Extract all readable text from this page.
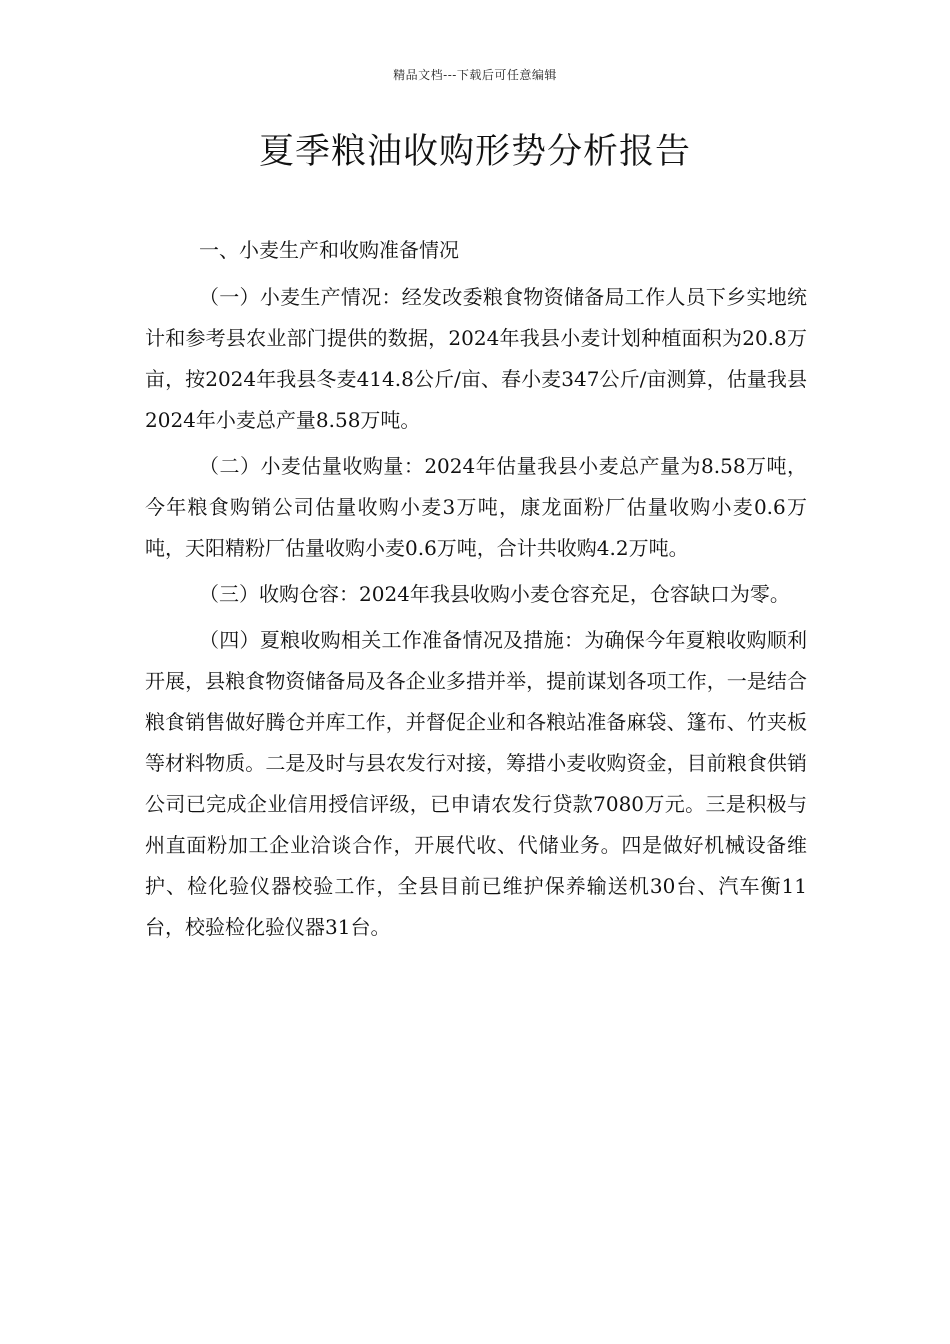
精品文档---下载后可任意编辑
夏季粮油收购形势分析报告

一、小麦生产和收购准备情况

（一）小麦生产情况：经发改委粮食物资储备局工作人员下乡实地统计和参考县农业部门提供的数据，2024年我县小麦计划种植面积为20.8万亩，按2024年我县冬麦414.8公斤/亩、春小麦347公斤/亩测算，估量我县2024年小麦总产量8.58万吨。

（二）小麦估量收购量：2024年估量我县小麦总产量为8.58万吨，今年粮食购销公司估量收购小麦3万吨，康龙面粉厂估量收购小麦0.6万吨，天阳精粉厂估量收购小麦0.6万吨，合计共收购4.2万吨。

（三）收购仓容：2024年我县收购小麦仓容充足，仓容缺口为零。

（四）夏粮收购相关工作准备情况及措施：为确保今年夏粮收购顺利开展，县粮食物资储备局及各企业多措并举，提前谋划各项工作，一是结合粮食销售做好腾仓并库工作，并督促企业和各粮站准备麻袋、篷布、竹夹板等材料物质。二是及时与县农发行对接，筹措小麦收购资金，目前粮食供销公司已完成企业信用授信评级，已申请农发行贷款7080万元。三是积极与州直面粉加工企业洽谈合作，开展代收、代储业务。四是做好机械设备维护、检化验仪器校验工作，全县目前已维护保养输送机30台、汽车衡11台，校验检化验仪器31台。
